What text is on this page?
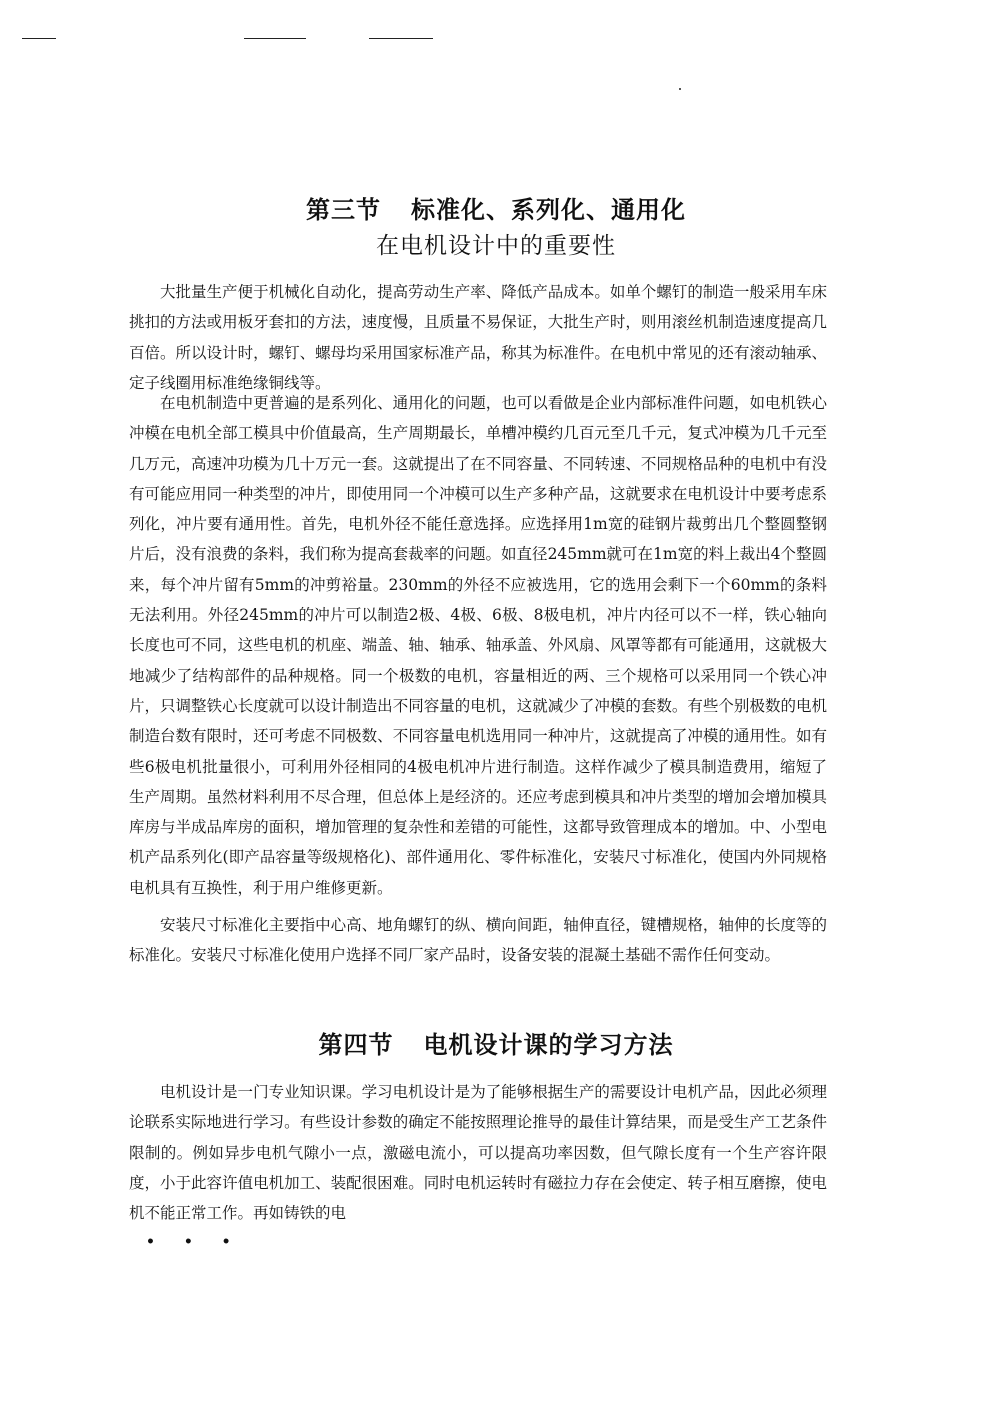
第三节 标准化、系列化、通用化
在电机设计中的重要性

大批量生产便于机械化自动化，提高劳动生产率、降低产品成本。如单个螺钉的制造一般采用车床挑扣的方法或用板牙套扣的方法，速度慢，且质量不易保证，大批生产时，则用滚丝机制造速度提高几百倍。所以设计时，螺钉、螺母均采用国家标准产品，称其为标准件。在电机中常见的还有滚动轴承、定子线圈用标准绝缘铜线等。

在电机制造中更普遍的是系列化、通用化的问题，也可以看做是企业内部标准件问题，如电机铁心冲模在电机全部工模具中价值最高，生产周期最长，单槽冲模约几百元至几千元，复式冲模为几千元至几万元，高速冲功模为几十万元一套。这就提出了在不同容量、不同转速、不同规格品种的电机中有没有可能应用同一种类型的冲片，即使用同一个冲模可以生产多种产品，这就要求在电机设计中要考虑系列化，冲片要有通用性。首先，电机外径不能任意选择。应选择用1m宽的硅钢片裁剪出几个整圆整钢片后，没有浪费的条料，我们称为提高套裁率的问题。如直径245mm就可在1m宽的料上裁出4个整圆来，每个冲片留有5mm的冲剪裕量。230mm的外径不应被选用，它的选用会剩下一个60mm的条料无法利用。外径245mm的冲片可以制造2极、4极、6极、8极电机，冲片内径可以不一样，铁心轴向长度也可不同，这些电机的机座、端盖、轴、轴承、轴承盖、外风扇、风罩等都有可能通用，这就极大地减少了结构部件的品种规格。同一个极数的电机，容量相近的两、三个规格可以采用同一个铁心冲片，只调整铁心长度就可以设计制造出不同容量的电机，这就减少了冲模的套数。有些个别极数的电机制造台数有限时，还可考虑不同极数、不同容量电机选用同一种冲片，这就提高了冲模的通用性。如有些6极电机批量很小，可利用外径相同的4极电机冲片进行制造。这样作减少了模具制造费用，缩短了生产周期。虽然材料利用不尽合理，但总体上是经济的。还应考虑到模具和冲片类型的增加会增加模具库房与半成品库房的面积，增加管理的复杂性和差错的可能性，这都导致管理成本的增加。中、小型电机产品系列化(即产品容量等级规格化)、部件通用化、零件标准化，安装尺寸标准化，使国内外同规格电机具有互换性，利于用户维修更新。

安装尺寸标准化主要指中心高、地角螺钉的纵、横向间距，轴伸直径，键槽规格，轴伸的长度等的标准化。安装尺寸标准化使用户选择不同厂家产品时，设备安装的混凝土基础不需作任何变动。

第四节 电机设计课的学习方法

电机设计是一门专业知识课。学习电机设计是为了能够根据生产的需要设计电机产品，因此必须理论联系实际地进行学习。有些设计参数的确定不能按照理论推导的最佳计算结果，而是受生产工艺条件限制的。例如异步电机气隙小一点，激磁电流小，可以提高功率因数，但气隙长度有一个生产容许限度，小于此容许值电机加工、装配很困难。同时电机运转时有磁拉力存在会使定、转子相互磨擦，使电机不能正常工作。再如铸铁的电

• • •
